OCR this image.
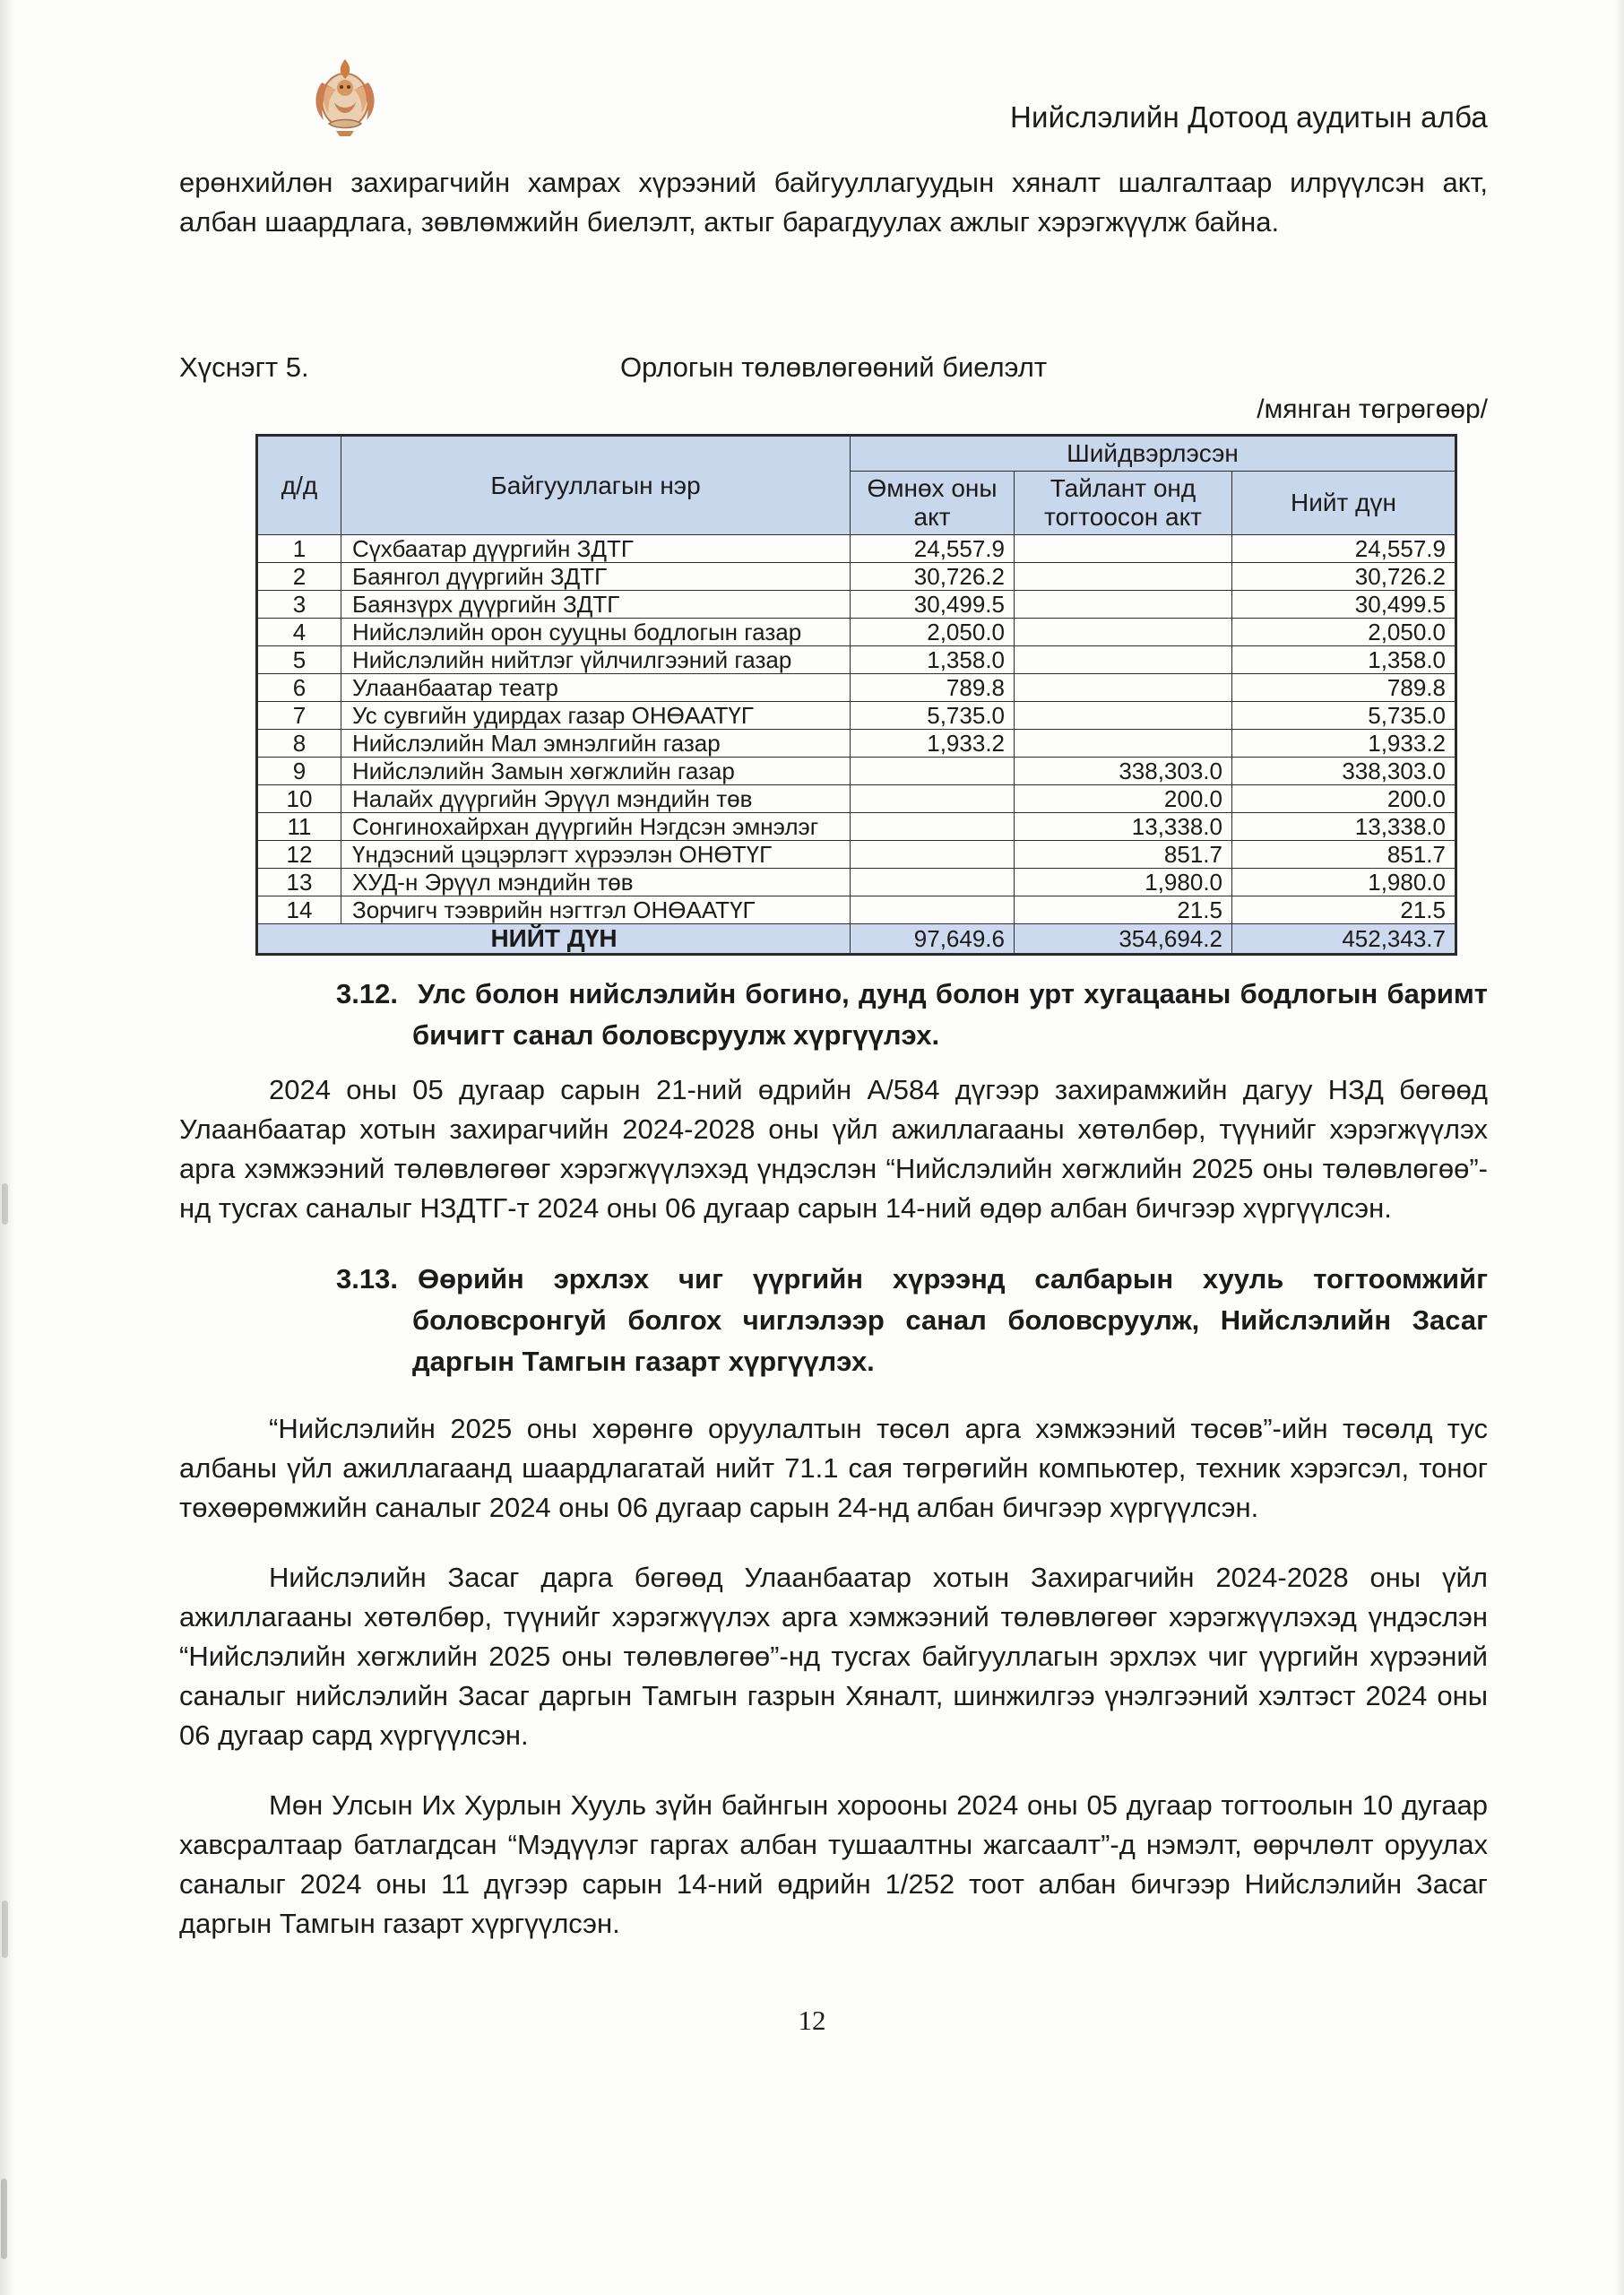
Нийслэлийн Дотоод аудитын алба

ерөнхийлөн захирагчийн хамрах хүрээний байгууллагуудын хяналт шалгалтаар илрүүлсэн акт, албан шаардлага, зөвлөмжийн биелэлт, актыг барагдуулах ажлыг хэрэгжүүлж байна.

Хүснэгт 5.	Орлогын төлөвлөгөөний биелэлт
/мянган төгрөгөөр/
д/д	Байгууллагын нэр	Шийдвэрлэсэн		
		Өмнөх оны акт	Тайлант онд тогтоосон акт	Нийт дүн
1	Сүхбаатар дүүргийн ЗДТГ	24,557.9		24,557.9
2	Баянгол дүүргийн ЗДТГ	30,726.2		30,726.2
3	Баянзүрх дүүргийн ЗДТГ	30,499.5		30,499.5
4	Нийслэлийн орон сууцны бодлогын газар	2,050.0		2,050.0
5	Нийслэлийн нийтлэг үйлчилгээний газар	1,358.0		1,358.0
6	Улаанбаатар театр	789.8		789.8
7	Ус сувгийн удирдах газар ОНӨААТҮГ	5,735.0		5,735.0
8	Нийслэлийн Мал эмнэлгийн газар	1,933.2		1,933.2
9	Нийслэлийн Замын хөгжлийн газар		338,303.0	338,303.0
10	Налайх дүүргийн Эрүүл мэндийн төв		200.0	200.0
11	Сонгинохайрхан дүүргийн Нэгдсэн эмнэлэг		13,338.0	13,338.0
12	Үндэсний цэцэрлэгт хүрээлэн ОНӨТҮГ		851.7	851.7
13	ХУД-н Эрүүл мэндийн төв		1,980.0	1,980.0
14	Зорчигч тээврийн нэгтгэл ОНӨААТҮГ		21.5	21.5
НИЙТ ДҮН		97,649.6	354,694.2	452,343.7

3.12. Улс болон нийслэлийн богино, дунд болон урт хугацааны бодлогын баримт бичигт санал боловсруулж хүргүүлэх.

2024 оны 05 дугаар сарын 21-ний өдрийн А/584 дүгээр захирамжийн дагуу НЗД бөгөөд Улаанбаатар хотын захирагчийн 2024-2028 оны үйл ажиллагааны хөтөлбөр, түүнийг хэрэгжүүлэх арга хэмжээний төлөвлөгөөг хэрэгжүүлэхэд үндэслэн “Нийслэлийн хөгжлийн 2025 оны төлөвлөгөө”-нд тусгах саналыг НЗДТГ-т 2024 оны 06 дугаар сарын 14-ний өдөр албан бичгээр хүргүүлсэн.

3.13. Өөрийн эрхлэх чиг үүргийн хүрээнд салбарын хууль тогтоомжийг боловсронгуй болгох чиглэлээр санал боловсруулж, Нийслэлийн Засаг даргын Тамгын газарт хүргүүлэх.

“Нийслэлийн 2025 оны хөрөнгө оруулалтын төсөл арга хэмжээний төсөв”-ийн төсөлд тус албаны үйл ажиллагаанд шаардлагатай нийт 71.1 сая төгрөгийн компьютер, техник хэрэгсэл, тоног төхөөрөмжийн саналыг 2024 оны 06 дугаар сарын 24-нд албан бичгээр хүргүүлсэн.

Нийслэлийн Засаг дарга бөгөөд Улаанбаатар хотын Захирагчийн 2024-2028 оны үйл ажиллагааны хөтөлбөр, түүнийг хэрэгжүүлэх арга хэмжээний төлөвлөгөөг хэрэгжүүлэхэд үндэслэн “Нийслэлийн хөгжлийн 2025 оны төлөвлөгөө”-нд тусгах байгууллагын эрхлэх чиг үүргийн хүрээний саналыг нийслэлийн Засаг даргын Тамгын газрын Хяналт, шинжилгээ үнэлгээний хэлтэст 2024 оны 06 дугаар сард хүргүүлсэн.

Мөн Улсын Их Хурлын Хууль зүйн байнгын хорооны 2024 оны 05 дугаар тогтоолын 10 дугаар хавсралтаар батлагдсан “Мэдүүлэг гаргах албан тушаалтны жагсаалт”-д нэмэлт, өөрчлөлт оруулах саналыг 2024 оны 11 дүгээр сарын 14-ний өдрийн 1/252 тоот албан бичгээр Нийслэлийн Засаг даргын Тамгын газарт хүргүүлсэн.

12
